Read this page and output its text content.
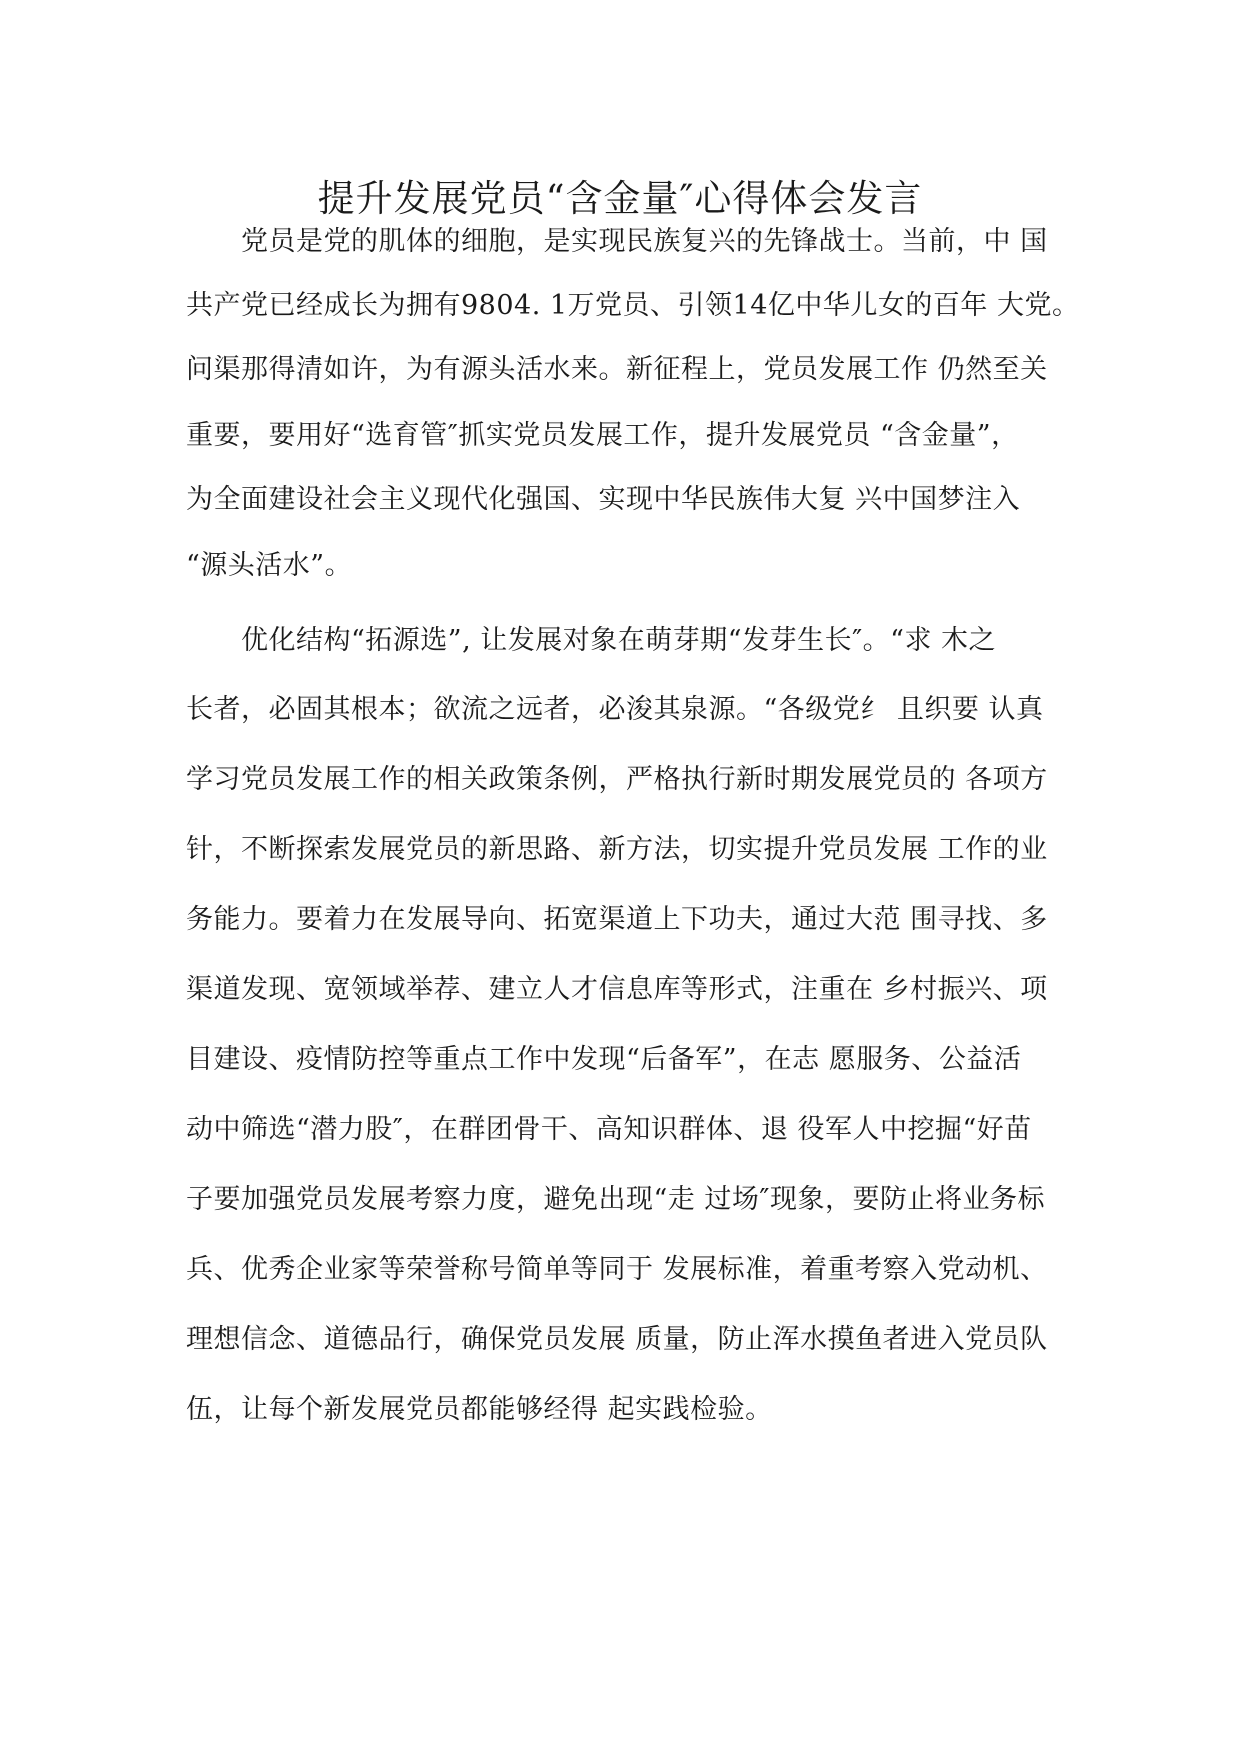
提升发展党员“含金量″心得体会发言
　　党员是党的肌体的细胞，是实现民族复兴的先锋战士。当前，中 国
共产党已经成长为拥有9804. 1万党员、引领14亿中华儿女的百年 大党。
问渠那得清如许，为有源头活水来。新征程上，党员发展工作 仍然至关
重要，要用好“选育管″抓实党员发展工作，提升发展党员 “含金量”，
为全面建设社会主义现代化强国、实现中华民族伟大复 兴中国梦注入
“源头活水”。
　　优化结构“拓源选”, 让发展对象在萌芽期“发芽生长″。“求 木之
长者，必固其根本；欲流之远者，必浚其泉源。“各级党纟 且织要 认真
学习党员发展工作的相关政策条例，严格执行新时期发展党员的 各项方
针，不断探索发展党员的新思路、新方法，切实提升党员发展 工作的业
务能力。要着力在发展导向、拓宽渠道上下功夫，通过大范 围寻找、多
渠道发现、宽领域举荐、建立人才信息库等形式，注重在 乡村振兴、项
目建设、疫情防控等重点工作中发现“后备军”，在志 愿服务、公益活
动中筛选“潜力股″，在群团骨干、高知识群体、退 役军人中挖掘“好苗
子要加强党员发展考察力度，避免出现“走 过场″现象，要防止将业务标
兵、优秀企业家等荣誉称号简单等同于 发展标准，着重考察入党动机、
理想信念、道德品行，确保党员发展 质量，防止浑水摸鱼者进入党员队
伍，让每个新发展党员都能够经得 起实践检验。
